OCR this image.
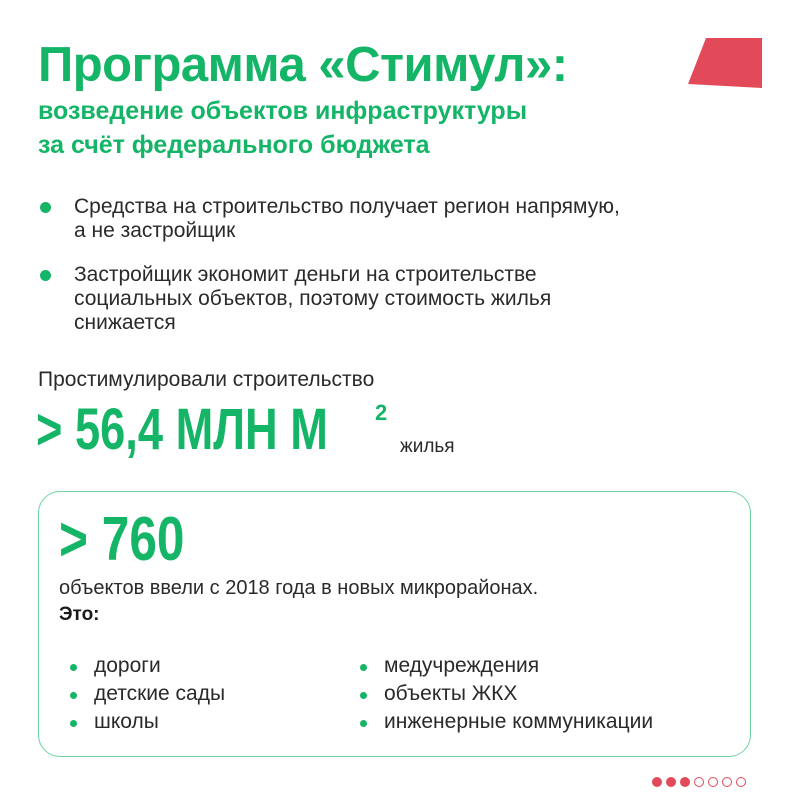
Программа «Стимул»:

возведение объектов инфраструктуры
за счёт федерального бюджета

Средства на строительство получает регион напрямую,
а не застройщик
Застройщик экономит деньги на строительстве
социальных объектов, поэтому стоимость жилья
снижается
Простимулировали строительство
> 56,4 МЛН М 2
жилья
> 760
объектов ввели с 2018 года в новых микрорайонах.
Это:
дороги
детские сады
школы
медучреждения
объекты ЖКХ
инженерные коммуникации
